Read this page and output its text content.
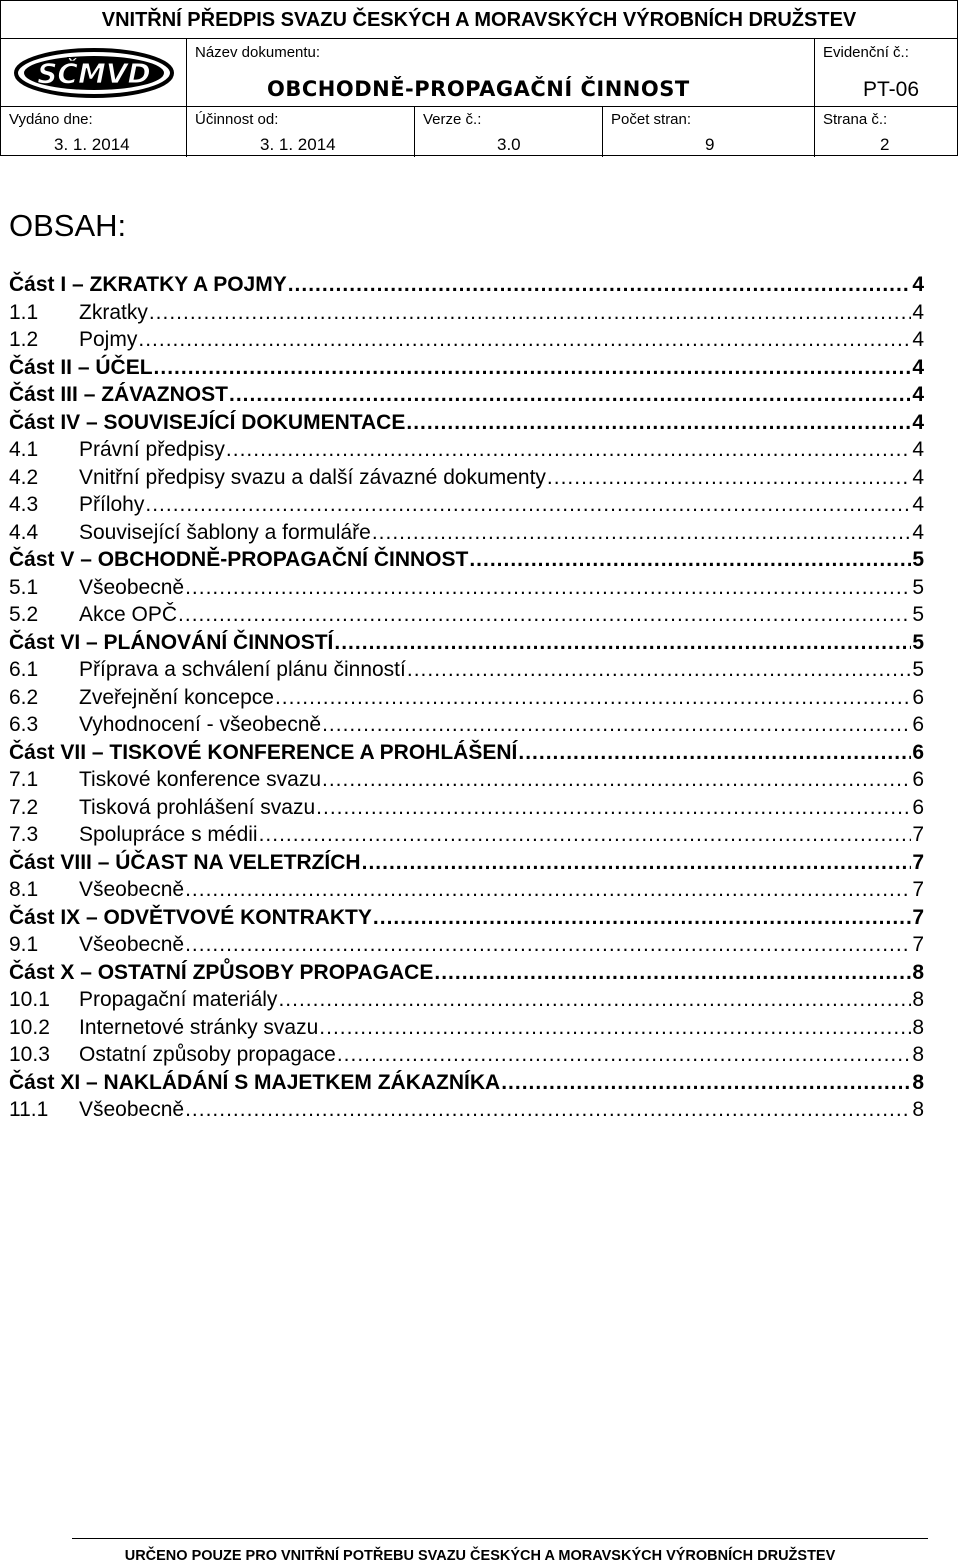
VNITŘNÍ PŘEDPIS SVAZU ČESKÝCH A MORAVSKÝCH VÝROBNÍCH DRUŽSTEV
SČMVD
Název dokumentu:
OBCHODNĚ-PROPAGAČNÍ ČINNOST
Evidenční č.:
PT-06
Vydáno dne:
3. 1. 2014
Účinnost od:
3. 1. 2014
Verze č.:
3.0
Počet stran:
9
Strana č.:
2
OBSAH:
Část I – ZKRATKY A POJMY .....	4
1.1	Zkratky .....	4
1.2	Pojmy .....	4
Část II – ÚČEL .....	4
Část III – ZÁVAZNOST .....	4
Část IV – SOUVISEJÍCÍ DOKUMENTACE .....	4
4.1	Právní předpisy .....	4
4.2	Vnitřní předpisy svazu a další závazné dokumenty .....	4
4.3	Přílohy .....	4
4.4	Související šablony a formuláře .....	4
Část V – OBCHODNĚ-PROPAGAČNÍ ČINNOST .....	5
5.1	Všeobecně .....	5
5.2	Akce OPČ .....	5
Část VI – PLÁNOVÁNÍ ČINNOSTÍ .....	5
6.1	Příprava a schválení plánu činností .....	5
6.2	Zveřejnění koncepce .....	6
6.3	Vyhodnocení - všeobecně .....	6
Část VII – TISKOVÉ KONFERENCE A PROHLÁŠENÍ .....	6
7.1	Tiskové konference svazu .....	6
7.2	Tisková prohlášení svazu .....	6
7.3	Spolupráce s médii .....	7
Část VIII – ÚČAST NA VELETRZÍCH .....	7
8.1	Všeobecně .....	7
Část IX – ODVĚTVOVÉ KONTRAKTY .....	7
9.1	Všeobecně .....	7
Část X – OSTATNÍ ZPŮSOBY PROPAGACE .....	8
10.1	Propagační materiály .....	8
10.2	Internetové stránky svazu .....	8
10.3	Ostatní způsoby propagace .....	8
Část XI – NAKLÁDÁNÍ S MAJETKEM ZÁKAZNÍKA .....	8
11.1	Všeobecně .....	8
URČENO POUZE PRO VNITŘNÍ POTŘEBU SVAZU ČESKÝCH A MORAVSKÝCH VÝROBNÍCH DRUŽSTEV
